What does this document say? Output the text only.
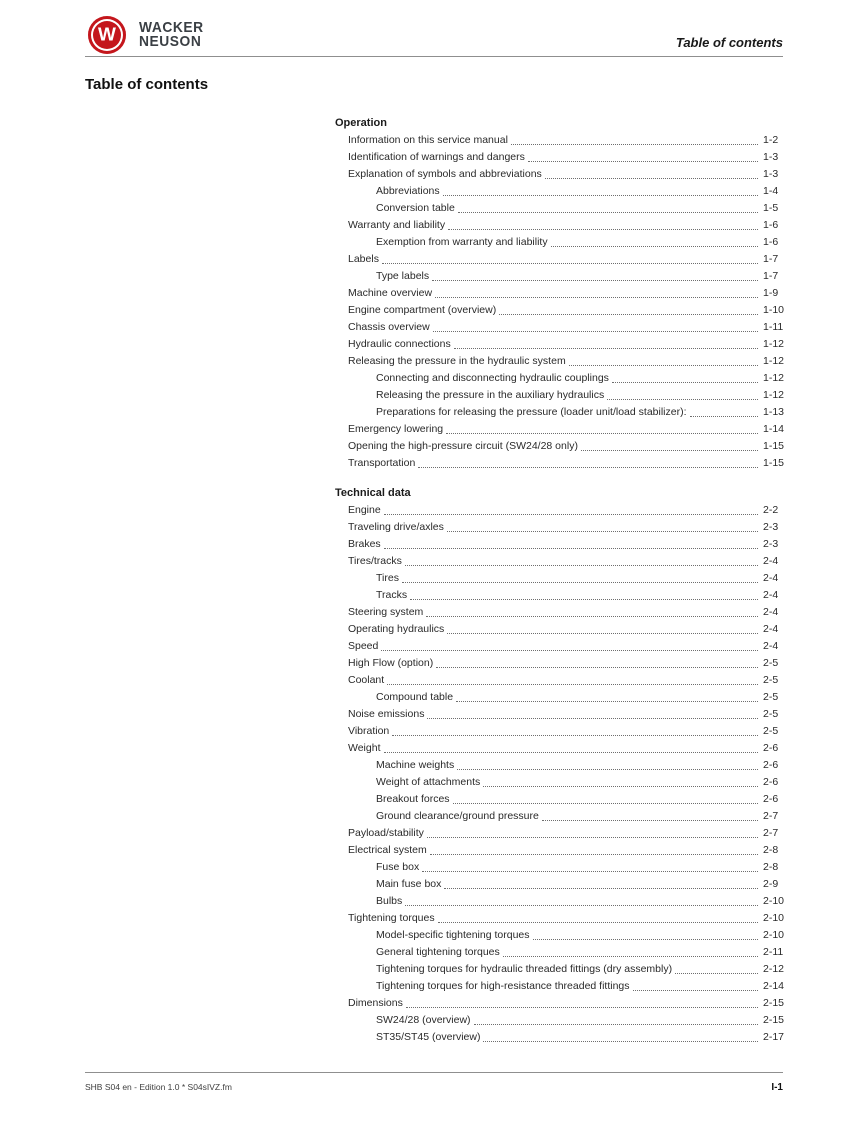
W WACKER
NEUSON	Table of contents
Table of contents
Operation
Information on this service manual	1-2
Identification of warnings and dangers	1-3
Explanation of symbols and abbreviations	1-3
Abbreviations	1-4
Conversion table	1-5
Warranty and liability	1-6
Exemption from warranty and liability	1-6
Labels	1-7
Type labels	1-7
Machine overview	1-9
Engine compartment (overview)	1-10
Chassis overview	1-11
Hydraulic connections	1-12
Releasing the pressure in the hydraulic system	1-12
Connecting and disconnecting hydraulic couplings	1-12
Releasing the pressure in the auxiliary hydraulics	1-12
Preparations for releasing the pressure (loader unit/load stabilizer):	1-13
Emergency lowering	1-14
Opening the high-pressure circuit (SW24/28 only)	1-15
Transportation	1-15
Technical data
Engine	2-2
Traveling drive/axles	2-3
Brakes	2-3
Tires/tracks	2-4
Tires	2-4
Tracks	2-4
Steering system	2-4
Operating hydraulics	2-4
Speed	2-4
High Flow (option)	2-5
Coolant	2-5
Compound table	2-5
Noise emissions	2-5
Vibration	2-5
Weight	2-6
Machine weights	2-6
Weight of attachments	2-6
Breakout forces	2-6
Ground clearance/ground pressure	2-7
Payload/stability	2-7
Electrical system	2-8
Fuse box	2-8
Main fuse box	2-9
Bulbs	2-10
Tightening torques	2-10
Model-specific tightening torques	2-10
General tightening torques	2-11
Tightening torques for hydraulic threaded fittings (dry assembly)	2-12
Tightening torques for high-resistance threaded fittings	2-14
Dimensions	2-15
SW24/28 (overview)	2-15
ST35/ST45 (overview)	2-17
SHB S04 en - Edition 1.0 * S04sIVZ.fm	I-1
